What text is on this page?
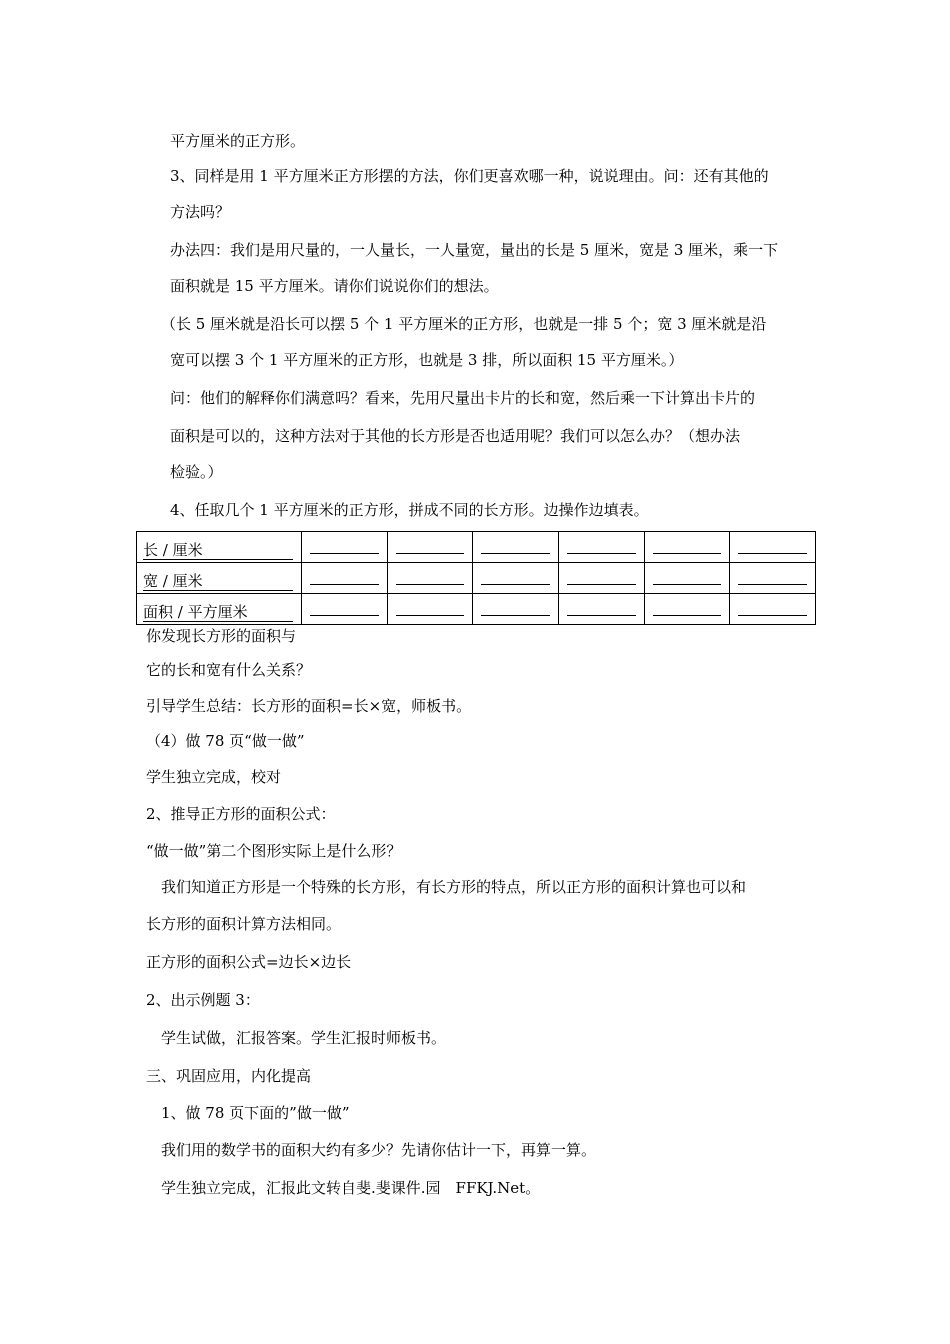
平方厘米的正方形。
3、同样是用 1 平方厘米正方形摆的方法，你们更喜欢哪一种，说说理由。问：还有其他的
方法吗？
办法四：我们是用尺量的，一人量长，一人量宽，量出的长是 5 厘米，宽是 3 厘米，乘一下
面积就是 15 平方厘米。请你们说说你们的想法。
（长 5 厘米就是沿长可以摆 5 个 1 平方厘米的正方形，也就是一排 5 个；宽 3 厘米就是沿
宽可以摆 3 个 1 平方厘米的正方形，也就是 3 排，所以面积 15 平方厘米。）
问：他们的解释你们满意吗？看来，先用尺量出卡片的长和宽，然后乘一下计算出卡片的
面积是可以的，这种方法对于其他的长方形是否也适用呢？我们可以怎么办？（想办法
检验。）
4、任取几个 1 平方厘米的正方形，拼成不同的长方形。边操作边填表。
长 / 厘米						

宽 / 厘米						

面积 / 平方厘米						

你发现长方形的面积与
它的长和宽有什么关系？
引导学生总结：长方形的面积=长×宽，师板书。
（4）做 78 页“做一做”
学生独立完成，校对
2、推导正方形的面积公式：
“做一做”第二个图形实际上是什么形？
我们知道正方形是一个特殊的长方形，有长方形的特点，所以正方形的面积计算也可以和
长方形的面积计算方法相同。
正方形的面积公式=边长×边长
2、出示例题 3：
学生试做，汇报答案。学生汇报时师板书。
三、巩固应用，内化提高
1、做 78 页下面的”做一做”
我们用的数学书的面积大约有多少？先请你估计一下，再算一算。
学生独立完成，汇报此文转自斐.斐课件.园　FFKJ.Net。
